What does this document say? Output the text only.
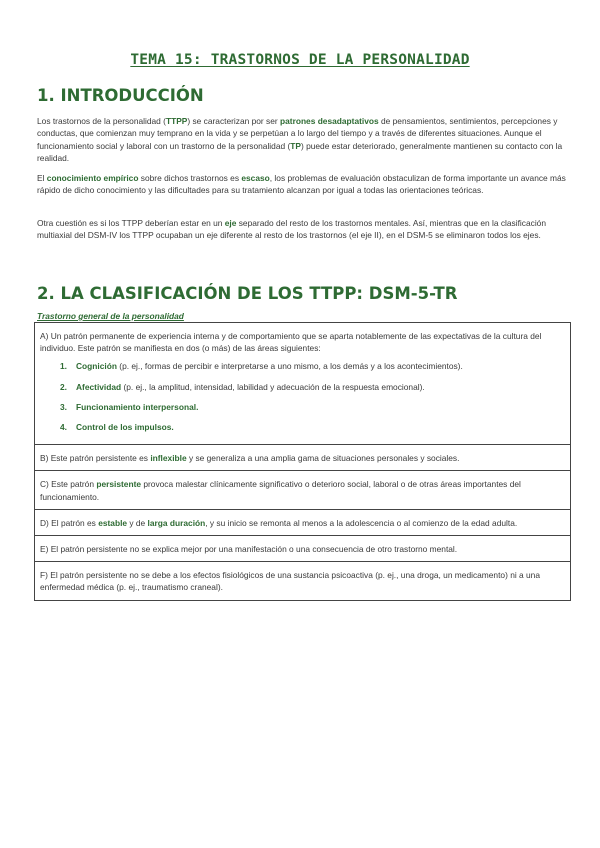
TEMA 15: TRASTORNOS DE LA PERSONALIDAD
1. INTRODUCCIÓN

Los trastornos de la personalidad (TTPP) se caracterizan por ser patrones desadaptativos de pensamientos, sentimientos, percepciones y conductas, que comienzan muy temprano en la vida y se perpetúan a lo largo del tiempo y a través de diferentes situaciones. Aunque el funcionamiento social y laboral con un trastorno de la personalidad (TP) puede estar deteriorado, generalmente mantienen su contacto con la realidad.

El conocimiento empírico sobre dichos trastornos es escaso, los problemas de evaluación obstaculizan de forma importante un avance más rápido de dicho conocimiento y las dificultades para su tratamiento alcanzan por igual a todas las orientaciones teóricas.

Otra cuestión es si los TTPP deberían estar en un eje separado del resto de los trastornos mentales. Así, mientras que en la clasificación multiaxial del DSM-IV los TTPP ocupaban un eje diferente al resto de los trastornos (el eje II), en el DSM-5 se eliminaron todos los ejes.

2. LA CLASIFICACIÓN DE LOS TTPP: DSM-5-TR
Trastorno general de la personalidad
A) Un patrón permanente de experiencia interna y de comportamiento que se aparta notablemente de las expectativas de la cultura del individuo. Este patrón se manifiesta en dos (o más) de las áreas siguientes:
1. Cognición (p. ej., formas de percibir e interpretarse a uno mismo, a los demás y a los acontecimientos).
2. Afectividad (p. ej., la amplitud, intensidad, labilidad y adecuación de la respuesta emocional).
3. Funcionamiento interpersonal.
4. Control de los impulsos.
B) Este patrón persistente es inflexible y se generaliza a una amplia gama de situaciones personales y sociales.
C) Este patrón persistente provoca malestar clínicamente significativo o deterioro social, laboral o de otras áreas importantes del funcionamiento.
D) El patrón es estable y de larga duración, y su inicio se remonta al menos a la adolescencia o al comienzo de la edad adulta.
E) El patrón persistente no se explica mejor por una manifestación o una consecuencia de otro trastorno mental.
F) El patrón persistente no se debe a los efectos fisiológicos de una sustancia psicoactiva (p. ej., una droga, un medicamento) ni a una enfermedad médica (p. ej., traumatismo craneal).
